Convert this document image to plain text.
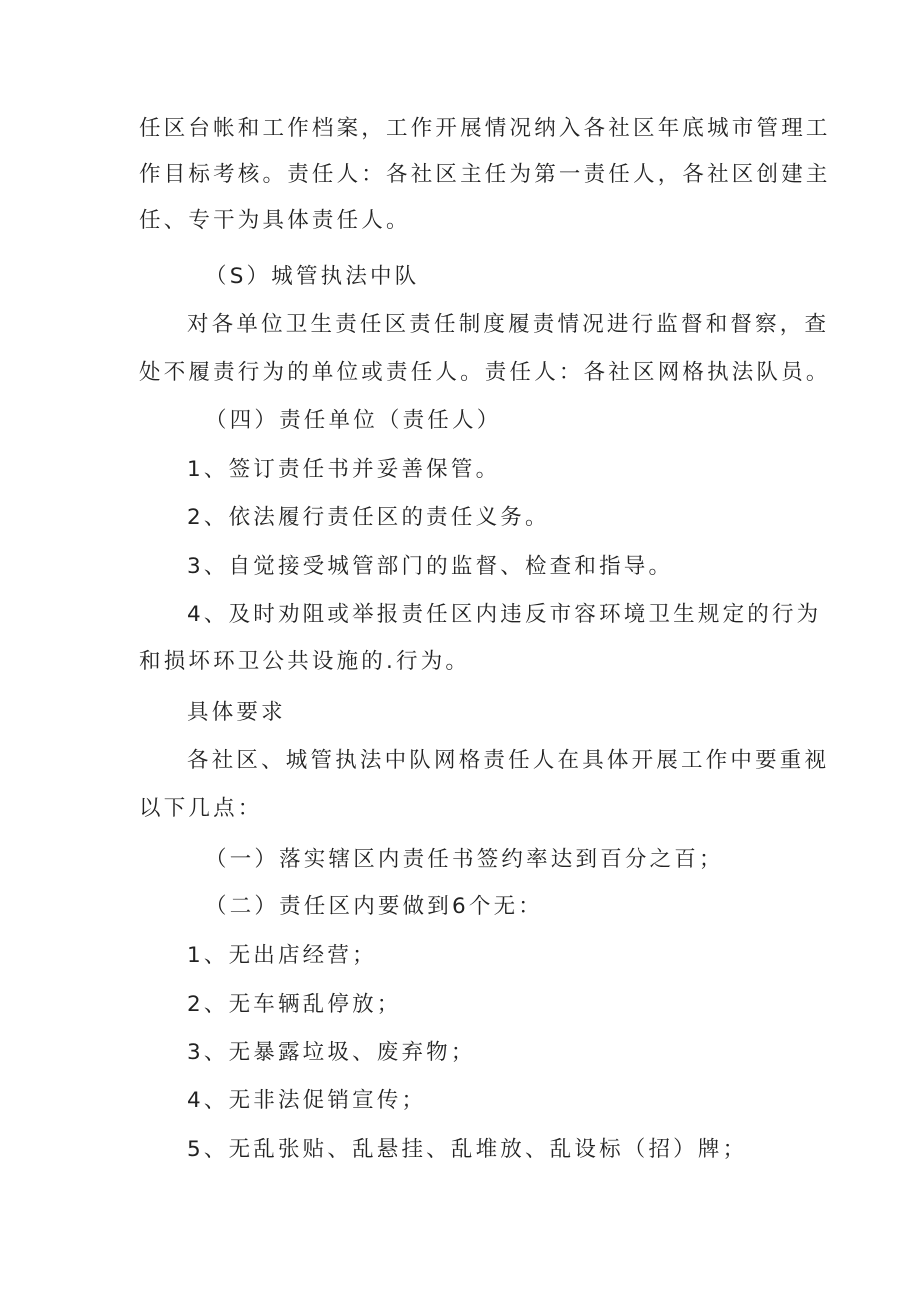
任区台帐和工作档案，工作开展情况纳入各社区年底城市管理工
作目标考核。责任人：各社区主任为第一责任人，各社区创建主
任、专干为具体责任人。
（S）城管执法中队
对各单位卫生责任区责任制度履责情况进行监督和督察，查
处不履责行为的单位或责任人。责任人：各社区网格执法队员。
（四）责任单位（责任人）
1、签订责任书并妥善保管。
2、依法履行责任区的责任义务。
3、自觉接受城管部门的监督、检查和指导。
4、及时劝阻或举报责任区内违反市容环境卫生规定的行为
和损坏环卫公共设施的.行为。
具体要求
各社区、城管执法中队网格责任人在具体开展工作中要重视
以下几点：
（一）落实辖区内责任书签约率达到百分之百；
（二）责任区内要做到6个无：
1、无出店经营；
2、无车辆乱停放；
3、无暴露垃圾、废弃物；
4、无非法促销宣传；
5、无乱张贴、乱悬挂、乱堆放、乱设标（招）牌；
